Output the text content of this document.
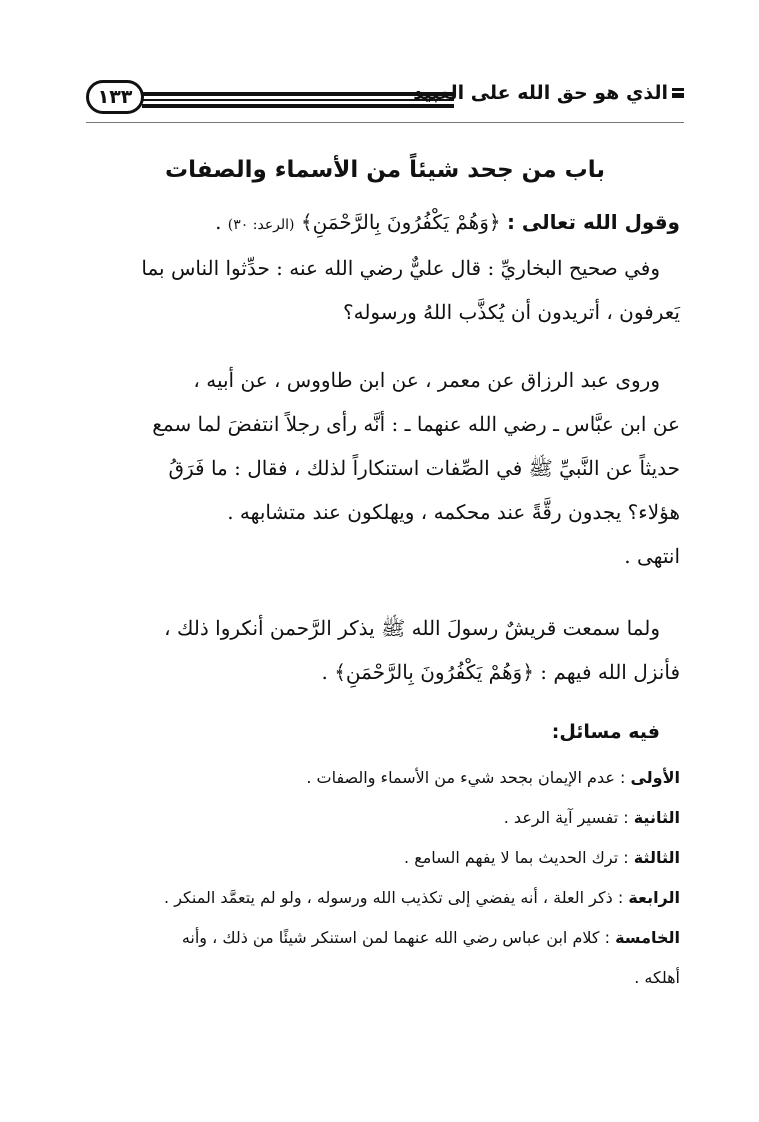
١٣٣	الذي هو حق الله على العبيد
باب من جحد شيئاً من الأسماء والصفات
وقول الله تعالى : ﴿وَهُمْ يَكْفُرُونَ بِالرَّحْمَنِ﴾ (الرعد: ٣٠) .
وفي صحيح البخاريِّ : قال عليٌّ رضي الله عنه : حدِّثوا الناس بما
يَعرفون ، أتريدون أن يُكذَّب اللهُ ورسوله؟
وروى عبد الرزاق عن معمر ، عن ابن طاووس ، عن أبيه ،
عن ابن عبَّاس ـ رضي الله عنهما ـ : أنَّه رأى رجلاً انتفضَ لما سمع
حديثاً عن النَّبيِّ ﷺ في الصِّفات استنكاراً لذلك ، فقال : ما فَرَقُ
هؤلاء؟ يجدون رقَّةً عند محكمه ، ويهلكون عند متشابهه .
انتهى .
ولما سمعت قريشٌ رسولَ الله ﷺ يذكر الرَّحمن أنكروا ذلك ،
فأنزل الله فيهم : ﴿وَهُمْ يَكْفُرُونَ بِالرَّحْمَنِ﴾ .
فيه مسائل:
الأولى : عدم الإيمان بجحد شيء من الأسماء والصفات .
الثانية : تفسير آية الرعد .
الثالثة : ترك الحديث بما لا يفهم السامع .
الرابعة : ذكر العلة ، أنه يفضي إلى تكذيب الله ورسوله ، ولو لم يتعمَّد المنكر .
الخامسة : كلام ابن عباس رضي الله عنهما لمن استنكر شيئًا من ذلك ، وأنه
أهلكه .
